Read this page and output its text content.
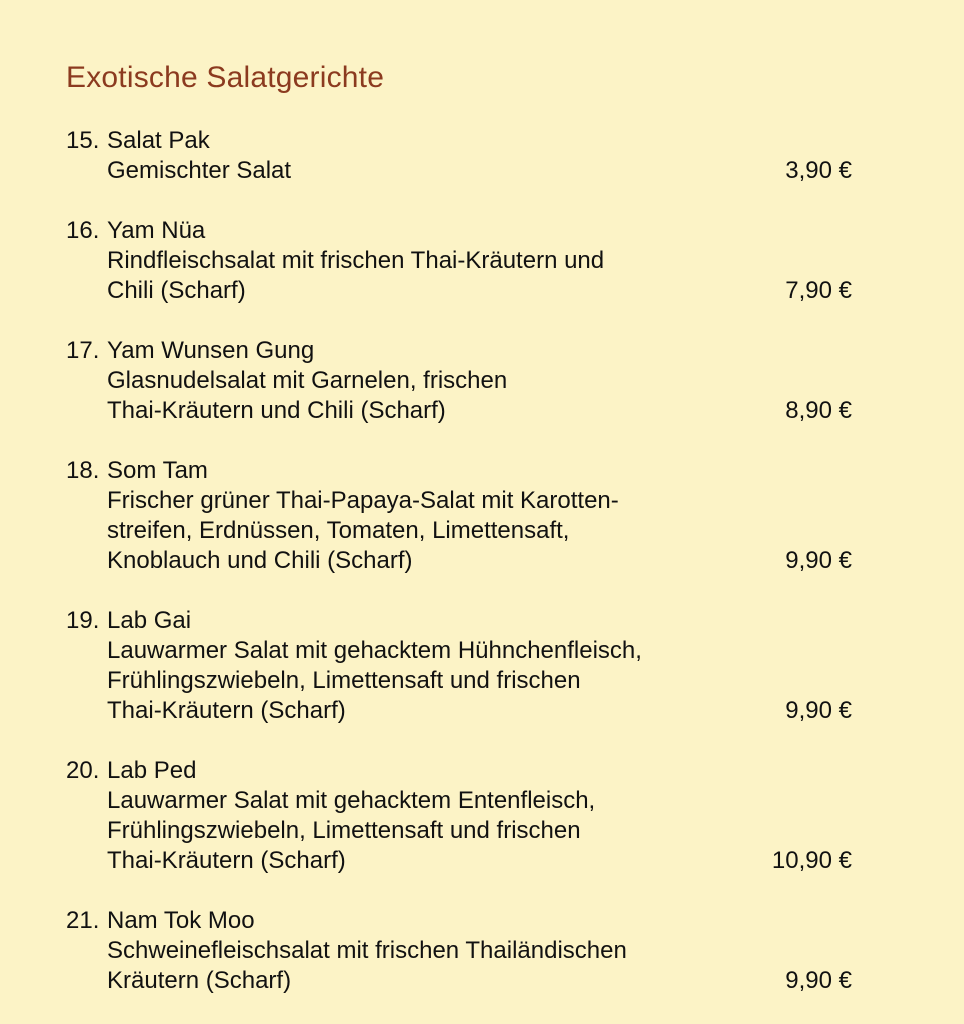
Exotische Salatgerichte
15. Salat Pak
Gemischter Salat	3,90 €
16. Yam Nüa
Rindfleischsalat mit frischen Thai-Kräutern und
Chili (Scharf)	7,90 €
17. Yam Wunsen Gung
Glasnudelsalat mit Garnelen, frischen
Thai-Kräutern und Chili (Scharf)	8,90 €
18. Som Tam
Frischer grüner Thai-Papaya-Salat mit Karotten-
streifen, Erdnüssen, Tomaten, Limettensaft,
Knoblauch und Chili (Scharf)	9,90 €
19. Lab Gai
Lauwarmer Salat mit gehacktem Hühnchenfleisch,
Frühlingszwiebeln, Limettensaft und frischen
Thai-Kräutern (Scharf)	9,90 €
20. Lab Ped
Lauwarmer Salat mit gehacktem Entenfleisch,
Frühlingszwiebeln, Limettensaft und frischen
Thai-Kräutern (Scharf)	10,90 €
21. Nam Tok Moo
Schweinefleischsalat mit frischen Thailändischen
Kräutern (Scharf)	9,90 €
